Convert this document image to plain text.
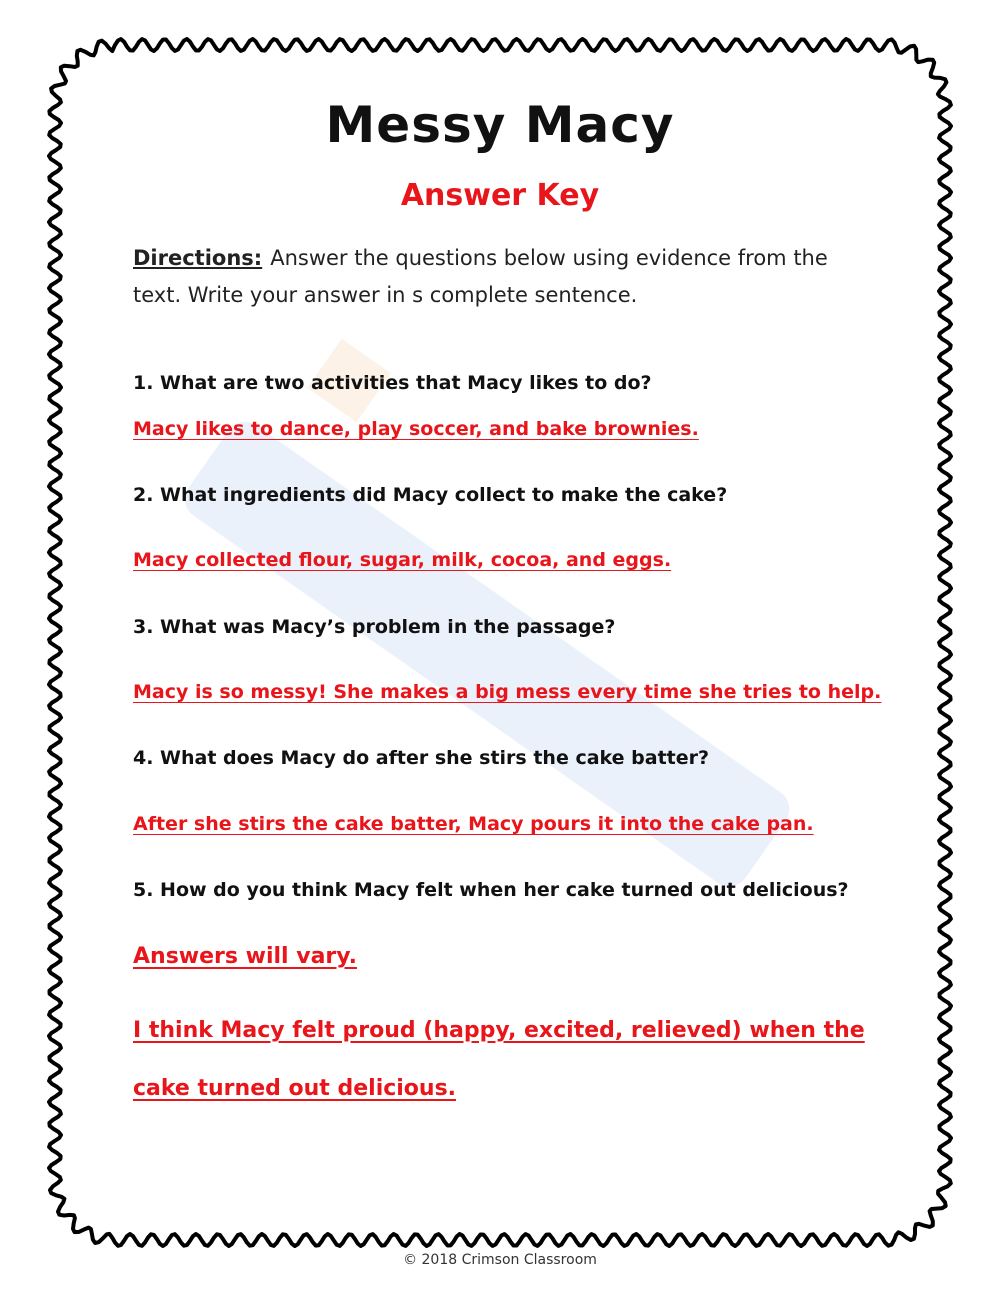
Messy Macy
Answer Key
Directions: Answer the questions below using evidence from the text. Write your answer in s complete sentence.
1. What are two activities that Macy likes to do?
Macy likes to dance, play soccer, and bake brownies.
2. What ingredients did Macy collect to make the cake?
Macy collected flour, sugar, milk, cocoa, and eggs.
3. What was Macy’s problem in the passage?
Macy is so messy! She makes a big mess every time she tries to help.
4. What does Macy do after she stirs the cake batter?
After she stirs the cake batter, Macy pours it into the cake pan.
5. How do you think Macy felt when her cake turned out delicious?
Answers will vary.
I think Macy felt proud (happy, excited, relieved) when the
cake turned out delicious.
© 2018 Crimson Classroom
